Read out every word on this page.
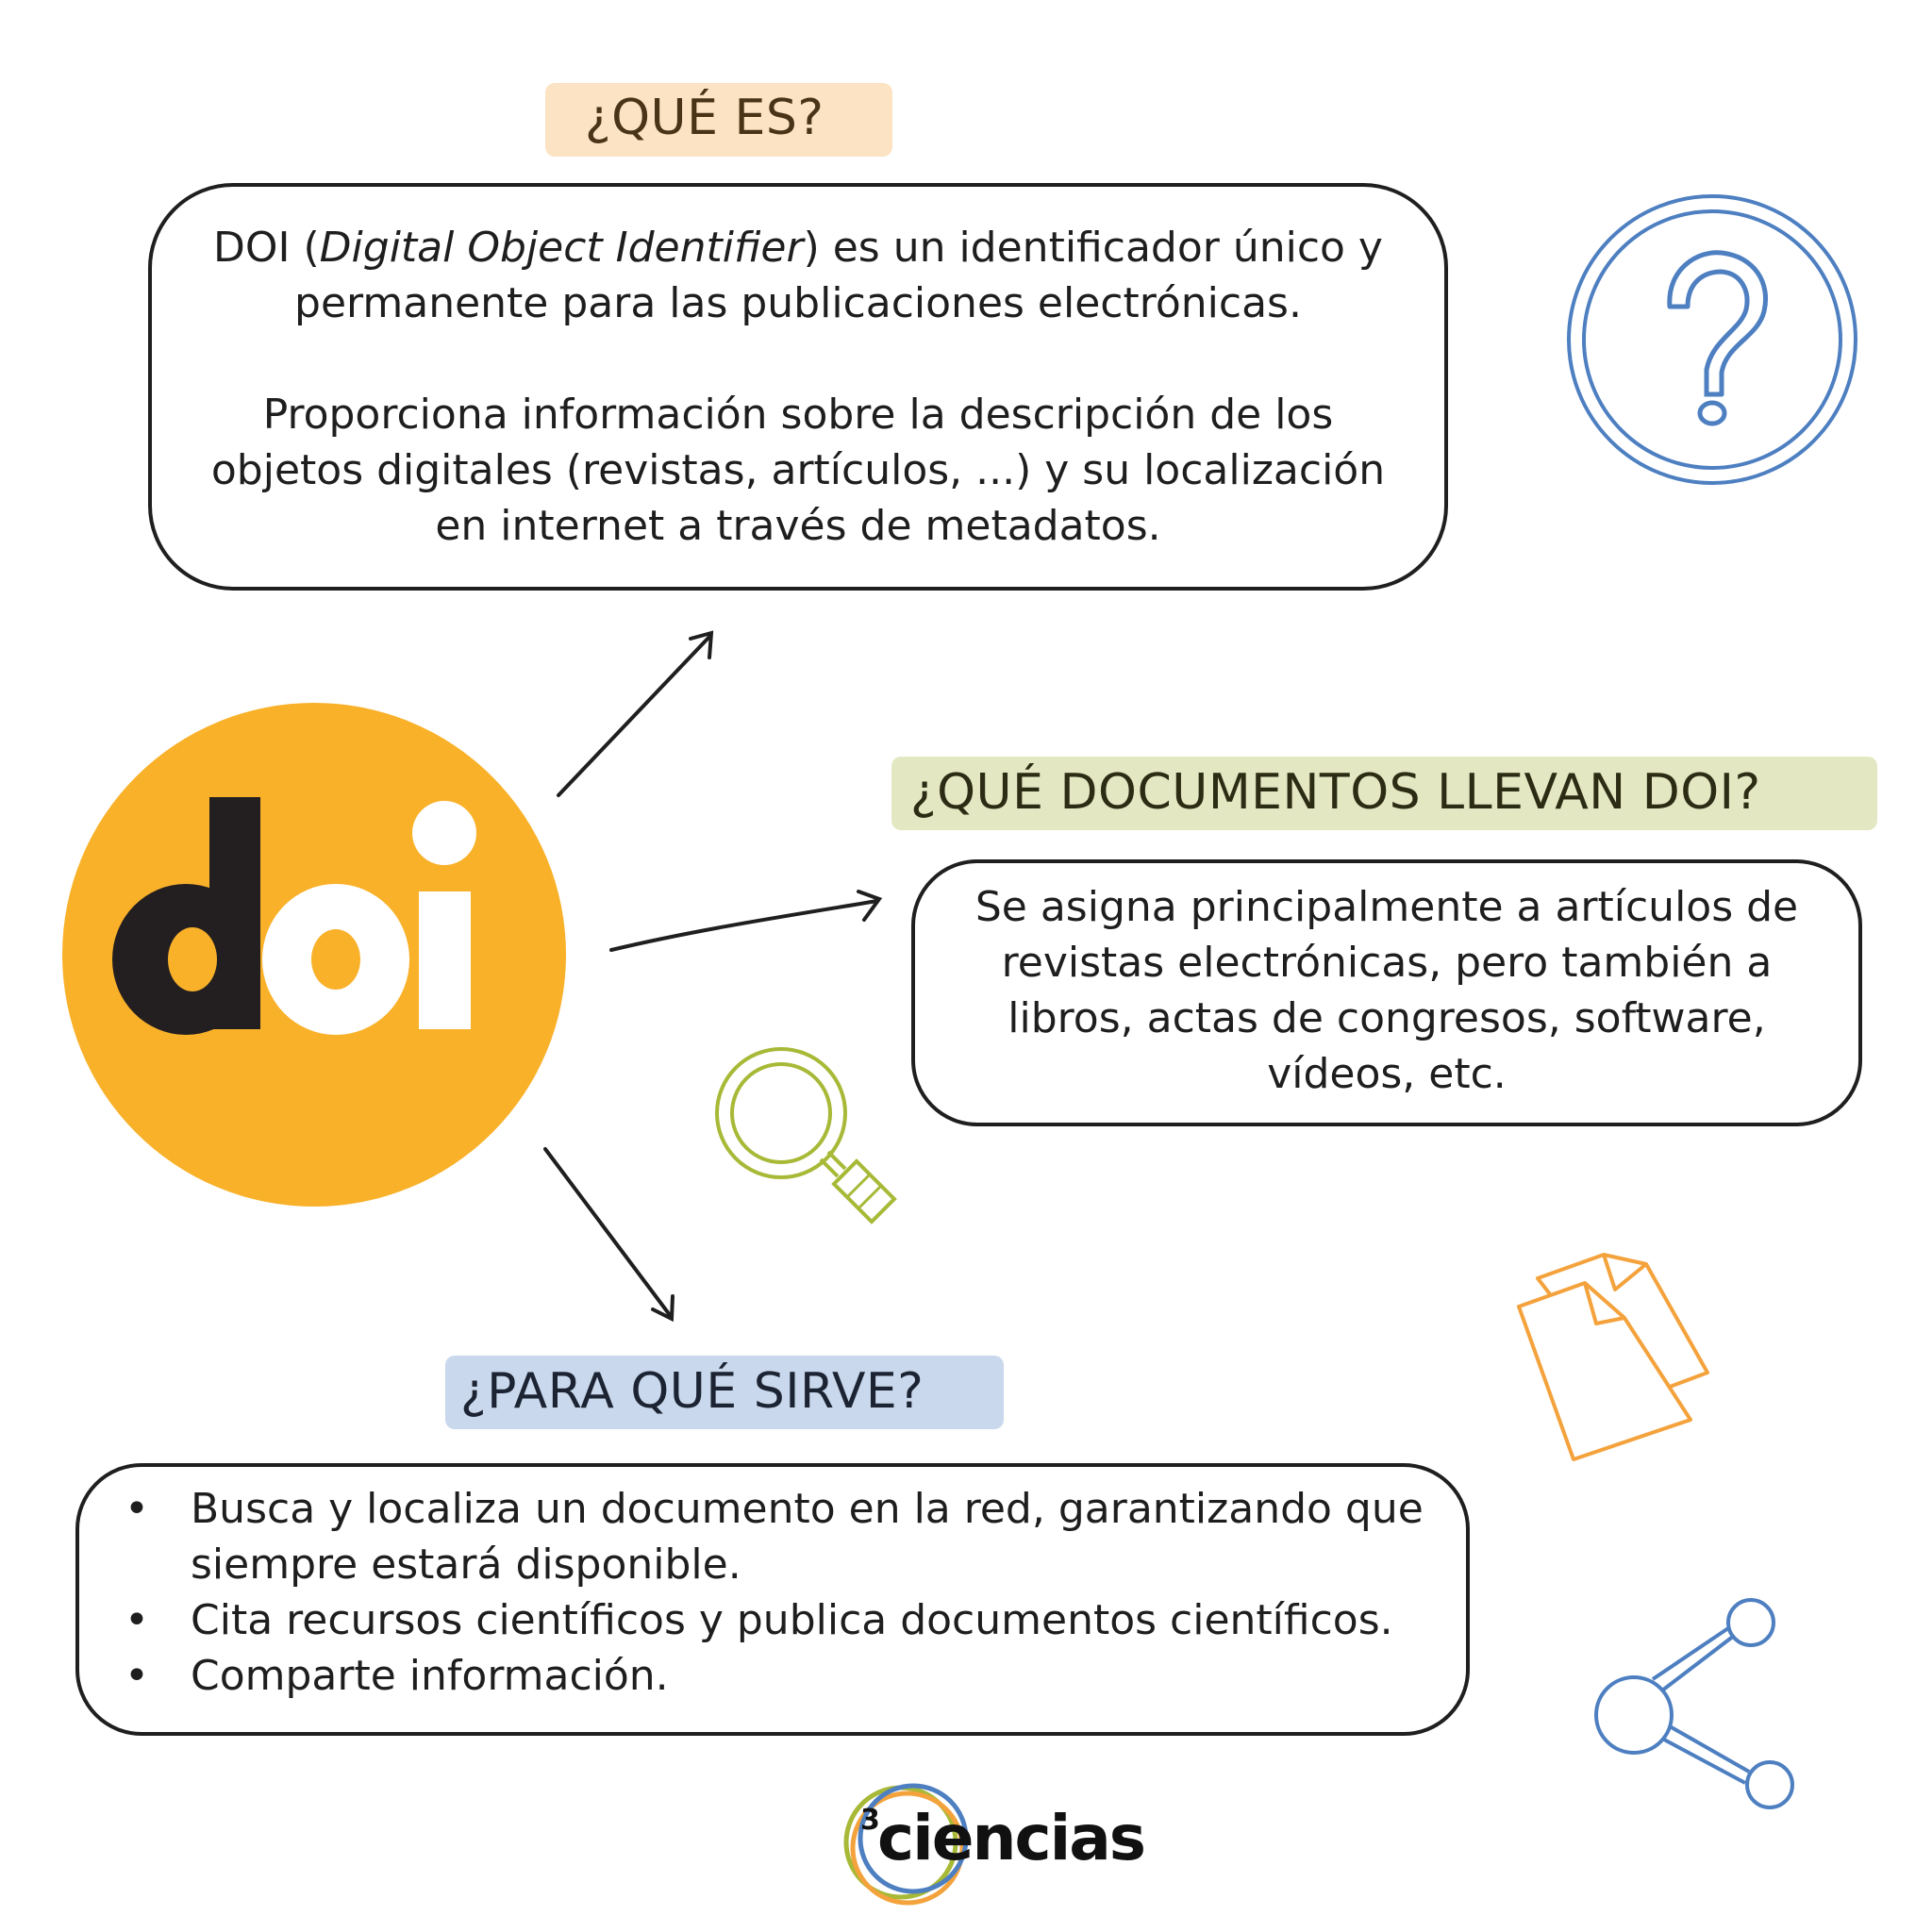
¿QUÉ ES?

DOI (Digital Object Identifier) es un identificador único y permanente para las publicaciones electrónicas.

Proporciona información sobre la descripción de los objetos digitales (revistas, artículos, ...) y su localización en internet a través de metadatos.

¿QUÉ DOCUMENTOS LLEVAN DOI?
Se asigna principalmente a artículos de revistas electrónicas, pero también a libros, actas de congresos, software, vídeos, etc.
¿PARA QUÉ SIRVE?
• Busca y localiza un documento en la red, garantizando que siempre estará disponible.
• Cita recursos científicos y publica documentos científicos.
• Comparte información.
3
ciencias
